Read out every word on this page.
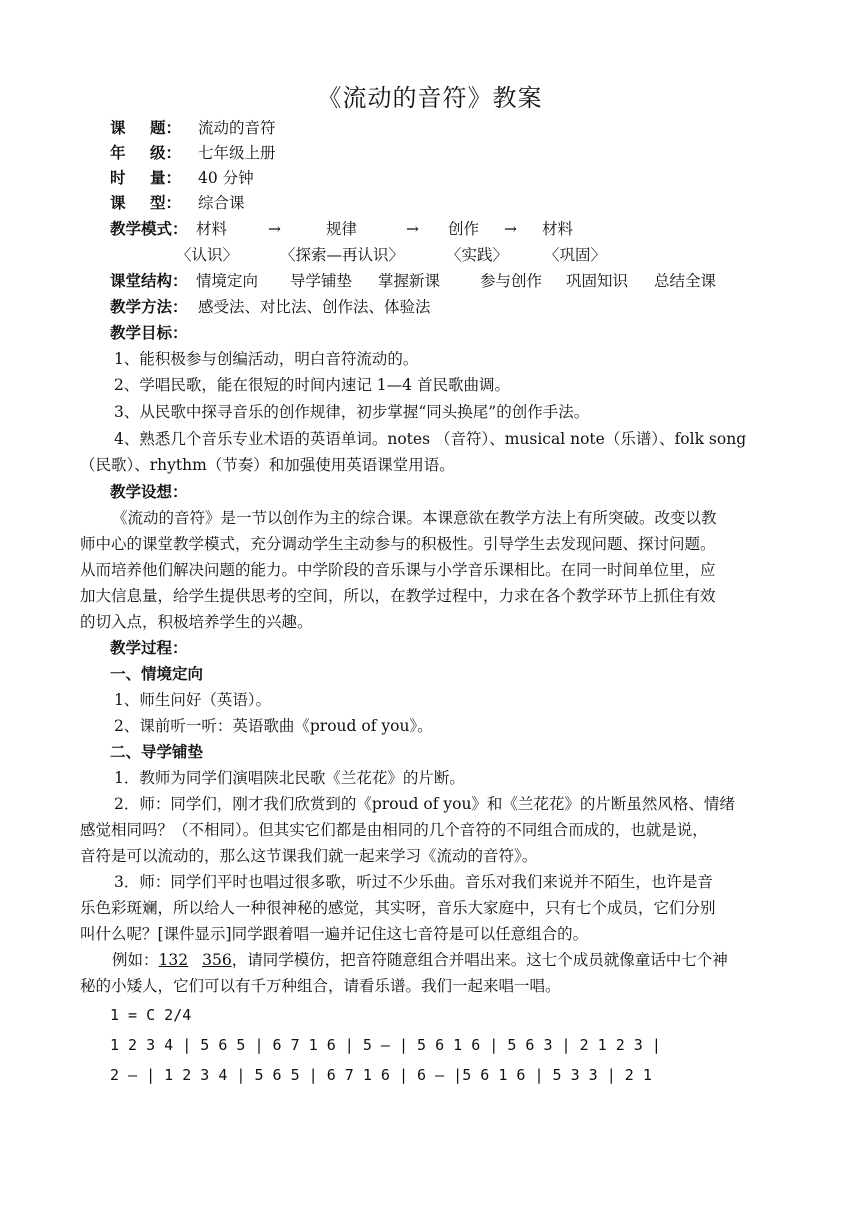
《流动的音符》教案
课 题： 流动的音符
年 级： 七年级上册
时 量： 40 分钟
课 型： 综合课
教学模式： 材料	→	规律	→ 创作 → 材料
〈认识〉	〈探索—再认识〉	〈实践〉 〈巩固〉
课堂结构： 情境定向 导学铺垫 掌握新课	参与创作 巩固知识 总结全课
教学方法： 感受法、对比法、创作法、体验法
教学目标：
1、能积极参与创编活动，明白音符流动的。
2、学唱民歌，能在很短的时间内速记 1—4 首民歌曲调。
3、从民歌中探寻音乐的创作规律，初步掌握“同头换尾”的创作手法。
4、熟悉几个音乐专业术语的英语单词。notes （音符）、musical note（乐谱）、folk song
（民歌）、rhythm（节奏）和加强使用英语课堂用语。
教学设想：
《流动的音符》是一节以创作为主的综合课。本课意欲在教学方法上有所突破。改变以教
师中心的课堂教学模式，充分调动学生主动参与的积极性。引导学生去发现问题、探讨问题。
从而培养他们解决问题的能力。中学阶段的音乐课与小学音乐课相比。在同一时间单位里，应
加大信息量，给学生提供思考的空间，所以，在教学过程中，力求在各个教学环节上抓住有效
的切入点，积极培养学生的兴趣。
教学过程：
一、情境定向
1、师生问好（英语）。
2、课前听一听：英语歌曲《proud of you》。
二、导学铺垫
1．教师为同学们演唱陕北民歌《兰花花》的片断。
2．师：同学们，刚才我们欣赏到的《proud of you》和《兰花花》的片断虽然风格、情绪
感觉相同吗？（不相同）。但其实它们都是由相同的几个音符的不同组合而成的，也就是说，
音符是可以流动的，那么这节课我们就一起来学习《流动的音符》。
3．师：同学们平时也唱过很多歌，听过不少乐曲。音乐对我们来说并不陌生，也许是音
乐色彩斑斓，所以给人一种很神秘的感觉，其实呀，音乐大家庭中，只有七个成员，它们分别
叫什么呢？[课件显示]同学跟着唱一遍并记住这七音符是可以任意组合的。
例如：132 356，请同学模仿，把音符随意组合并唱出来。这七个成员就像童话中七个神
秘的小矮人，它们可以有千万种组合，请看乐谱。我们一起来唱一唱。
1 = C 2/4
1 2 3 4 | 5 6 5 | 6 7 1 6 | 5 — | 5 6 1 6 | 5 6 3 | 2 1 2 3 |
2 — | 1 2 3 4 | 5 6 5 | 6 7 1 6 | 6 — |5 6 1 6 | 5 3 3 | 2 1
